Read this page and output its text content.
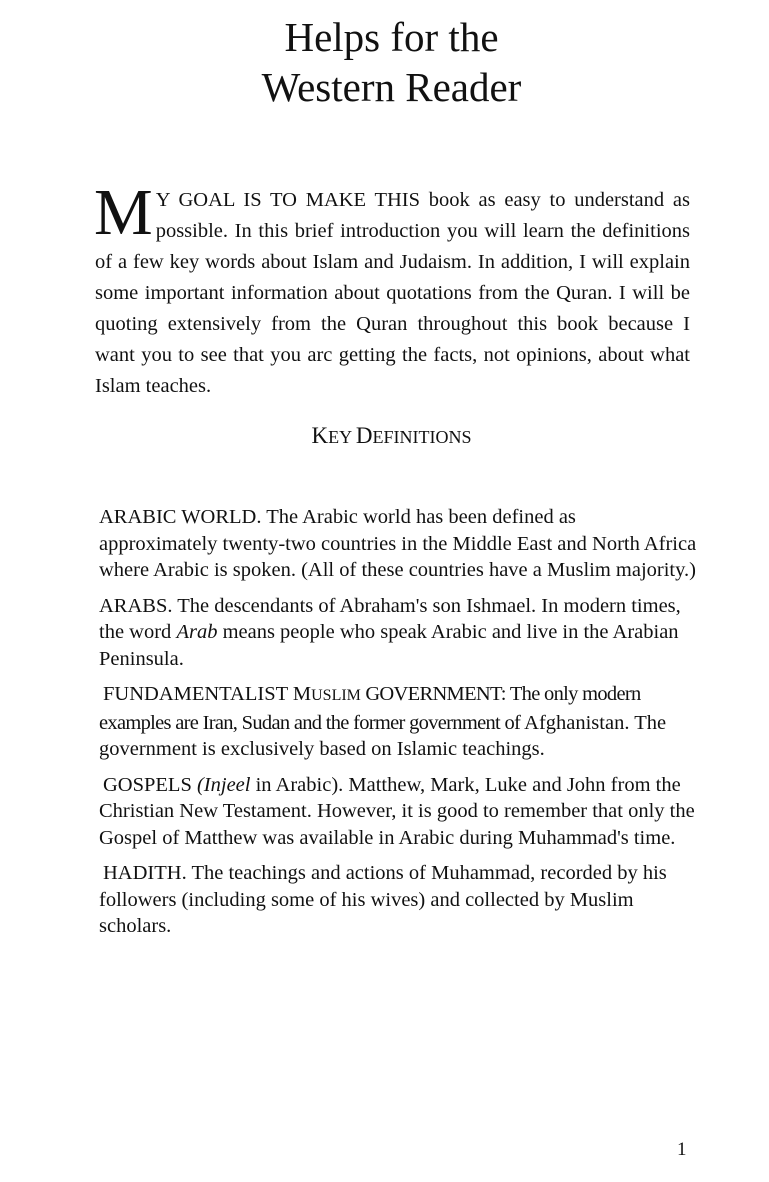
Helps for the
Western Reader

M Y GOAL IS TO MAKE THIS book as easy to understand as possible. In this brief introduction you will learn the definitions of a few key words about Islam and Judaism. In addition, I will explain some important information about quotations from the Quran. I will be quoting extensively from the Quran throughout this book because I want you to see that you arc getting the facts, not opinions, about what Islam teaches.

KEY DEFINITIONS

ARABIC WORLD. The Arabic world has been defined as approximately twenty-two countries in the Middle East and North Africa where Arabic is spoken. (All of these countries have a Muslim majority.)

ARABS. The descendants of Abraham's son Ishmael. In modern times, the word Arab means people who speak Arabic and live in the Arabian Peninsula.

FUNDAMENTALIST MUSLIM GOVERNMENT: The only modern examples are Iran, Sudan and the former government of Afghanistan. The government is exclusively based on Islamic teachings.

GOSPELS (Injeel in Arabic). Matthew, Mark, Luke and John from the Christian New Testament. However, it is good to remember that only the Gospel of Matthew was available in Arabic during Muhammad's time.

HADITH. The teachings and actions of Muhammad, recorded by his followers (including some of his wives) and collected by Muslim scholars.

1
